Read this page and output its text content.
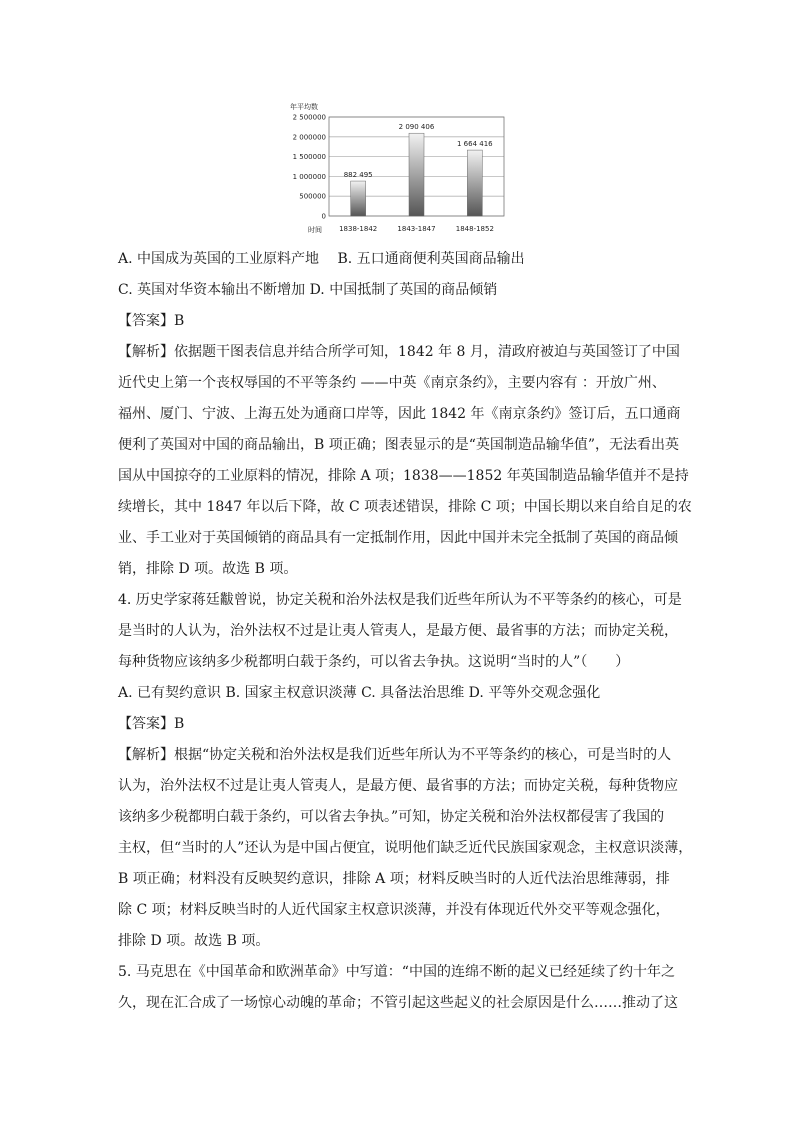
年平均数
时间
0
500000
1 000000
1 500000
2 000000
2 500000
882 495
1838-1842
2 090 406
1843-1847
1 664 416
1848-1852
A. 中国成为英国的工业原料产地　 B. 五口通商便利英国商品输出
C. 英国对华资本输出不断增加 D. 中国抵制了英国的商品倾销
【答案】B
【解析】依据题干图表信息并结合所学可知，1842 年 8 月，清政府被迫与英国签订了中国
近代史上第一个丧权辱国的不平等条约 ——中英《南京条约》，主要内容有 ：开放广州、
福州、厦门、宁波、上海五处为通商口岸等，因此 1842 年《南京条约》签订后，五口通商
便利了英国对中国的商品输出，B 项正确；图表显示的是“英国制造品输华值”，无法看出英
国从中国掠夺的工业原料的情况，排除 A 项；1838——1852 年英国制造品输华值并不是持
续增长，其中 1847 年以后下降，故 C 项表述错误，排除 C 项；中国长期以来自给自足的农
业、手工业对于英国倾销的商品具有一定抵制作用，因此中国并未完全抵制了英国的商品倾
销，排除 D 项。故选 B 项。
4. 历史学家蒋廷黻曾说，协定关税和治外法权是我们近些年所认为不平等条约的核心，可是
是当时的人认为，治外法权不过是让夷人管夷人，是最方便、最省事的方法；而协定关税，
每种货物应该纳多少税都明白载于条约，可以省去争执。这说明“当时的人”（　　）
A. 已有契约意识 B. 国家主权意识淡薄 C. 具备法治思维 D. 平等外交观念强化
【答案】B
【解析】根据“协定关税和治外法权是我们近些年所认为不平等条约的核心，可是当时的人
认为，治外法权不过是让夷人管夷人，是最方便、最省事的方法；而协定关税，每种货物应
该纳多少税都明白载于条约，可以省去争执。”可知，协定关税和治外法权都侵害了我国的
主权，但“当时的人”还认为是中国占便宜，说明他们缺乏近代民族国家观念，主权意识淡薄，
B 项正确；材料没有反映契约意识，排除 A 项；材料反映当时的人近代法治思维薄弱，排
除 C 项；材料反映当时的人近代国家主权意识淡薄，并没有体现近代外交平等观念强化，
排除 D 项。故选 B 项。
5. 马克思在《中国革命和欧洲革命》中写道：“中国的连绵不断的起义已经延续了约十年之
久，现在汇合成了一场惊心动魄的革命；不管引起这些起义的社会原因是什么……推动了这
